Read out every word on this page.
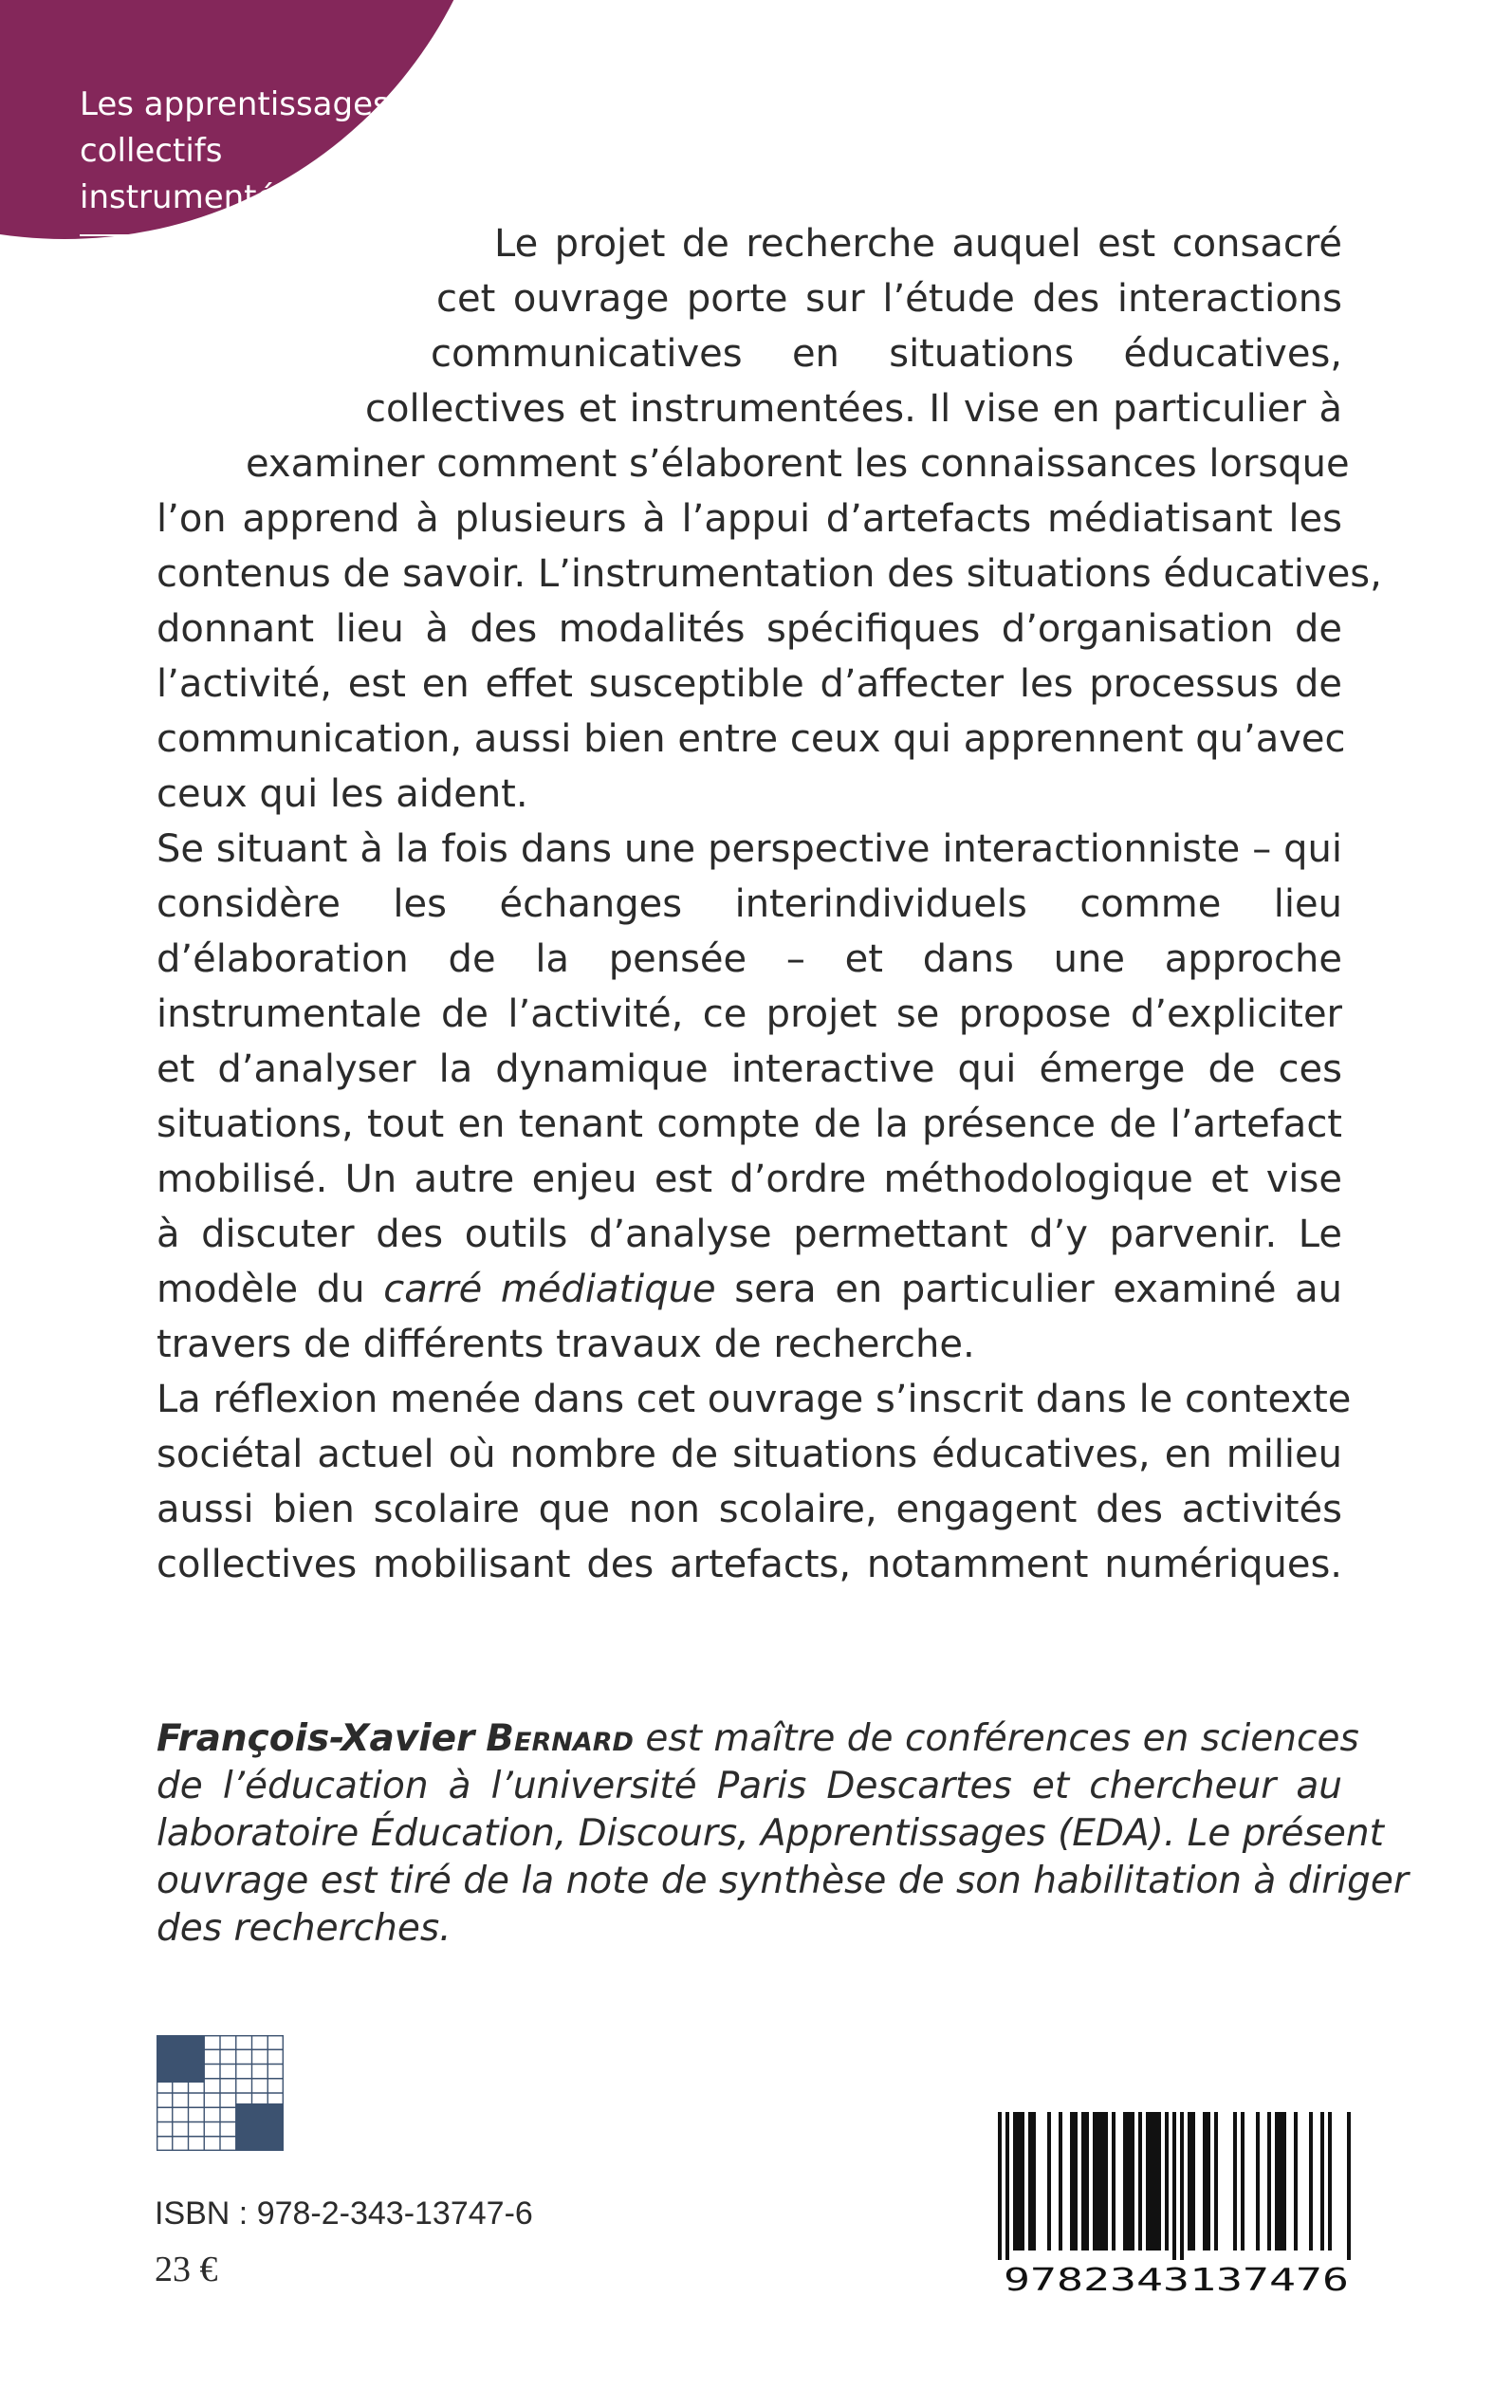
Les apprentissages
collectifs
instrumentés
Le projet de recherche auquel est consacré
cet ouvrage porte sur l’étude des interactions
communicatives en situations éducatives,
collectives et instrumentées. Il vise en particulier à
examiner comment s’élaborent les connaissances lorsque
l’on apprend à plusieurs à l’appui d’artefacts médiatisant les
contenus de savoir. L’instrumentation des situations éducatives,
donnant lieu à des modalités spécifiques d’organisation de
l’activité, est en effet susceptible d’affecter les processus de
communication, aussi bien entre ceux qui apprennent qu’avec
ceux qui les aident.
Se situant à la fois dans une perspective interactionniste – qui
considère les échanges interindividuels comme lieu
d’élaboration de la pensée – et dans une approche
instrumentale de l’activité, ce projet se propose d’expliciter
et d’analyser la dynamique interactive qui émerge de ces
situations, tout en tenant compte de la présence de l’artefact
mobilisé. Un autre enjeu est d’ordre méthodologique et vise
à discuter des outils d’analyse permettant d’y parvenir. Le
modèle du carré médiatique sera en particulier examiné au
travers de différents travaux de recherche.
La réflexion menée dans cet ouvrage s’inscrit dans le contexte
sociétal actuel où nombre de situations éducatives, en milieu
aussi bien scolaire que non scolaire, engagent des activités
collectives mobilisant des artefacts, notamment numériques.
François-Xavier Bernard est maître de conférences en sciences
de l’éducation à l’université Paris Descartes et chercheur au
laboratoire Éducation, Discours, Apprentissages (EDA). Le présent
ouvrage est tiré de la note de synthèse de son habilitation à diriger
des recherches.
ISBN : 978-2-343-13747-6
23 €	9782343137476
